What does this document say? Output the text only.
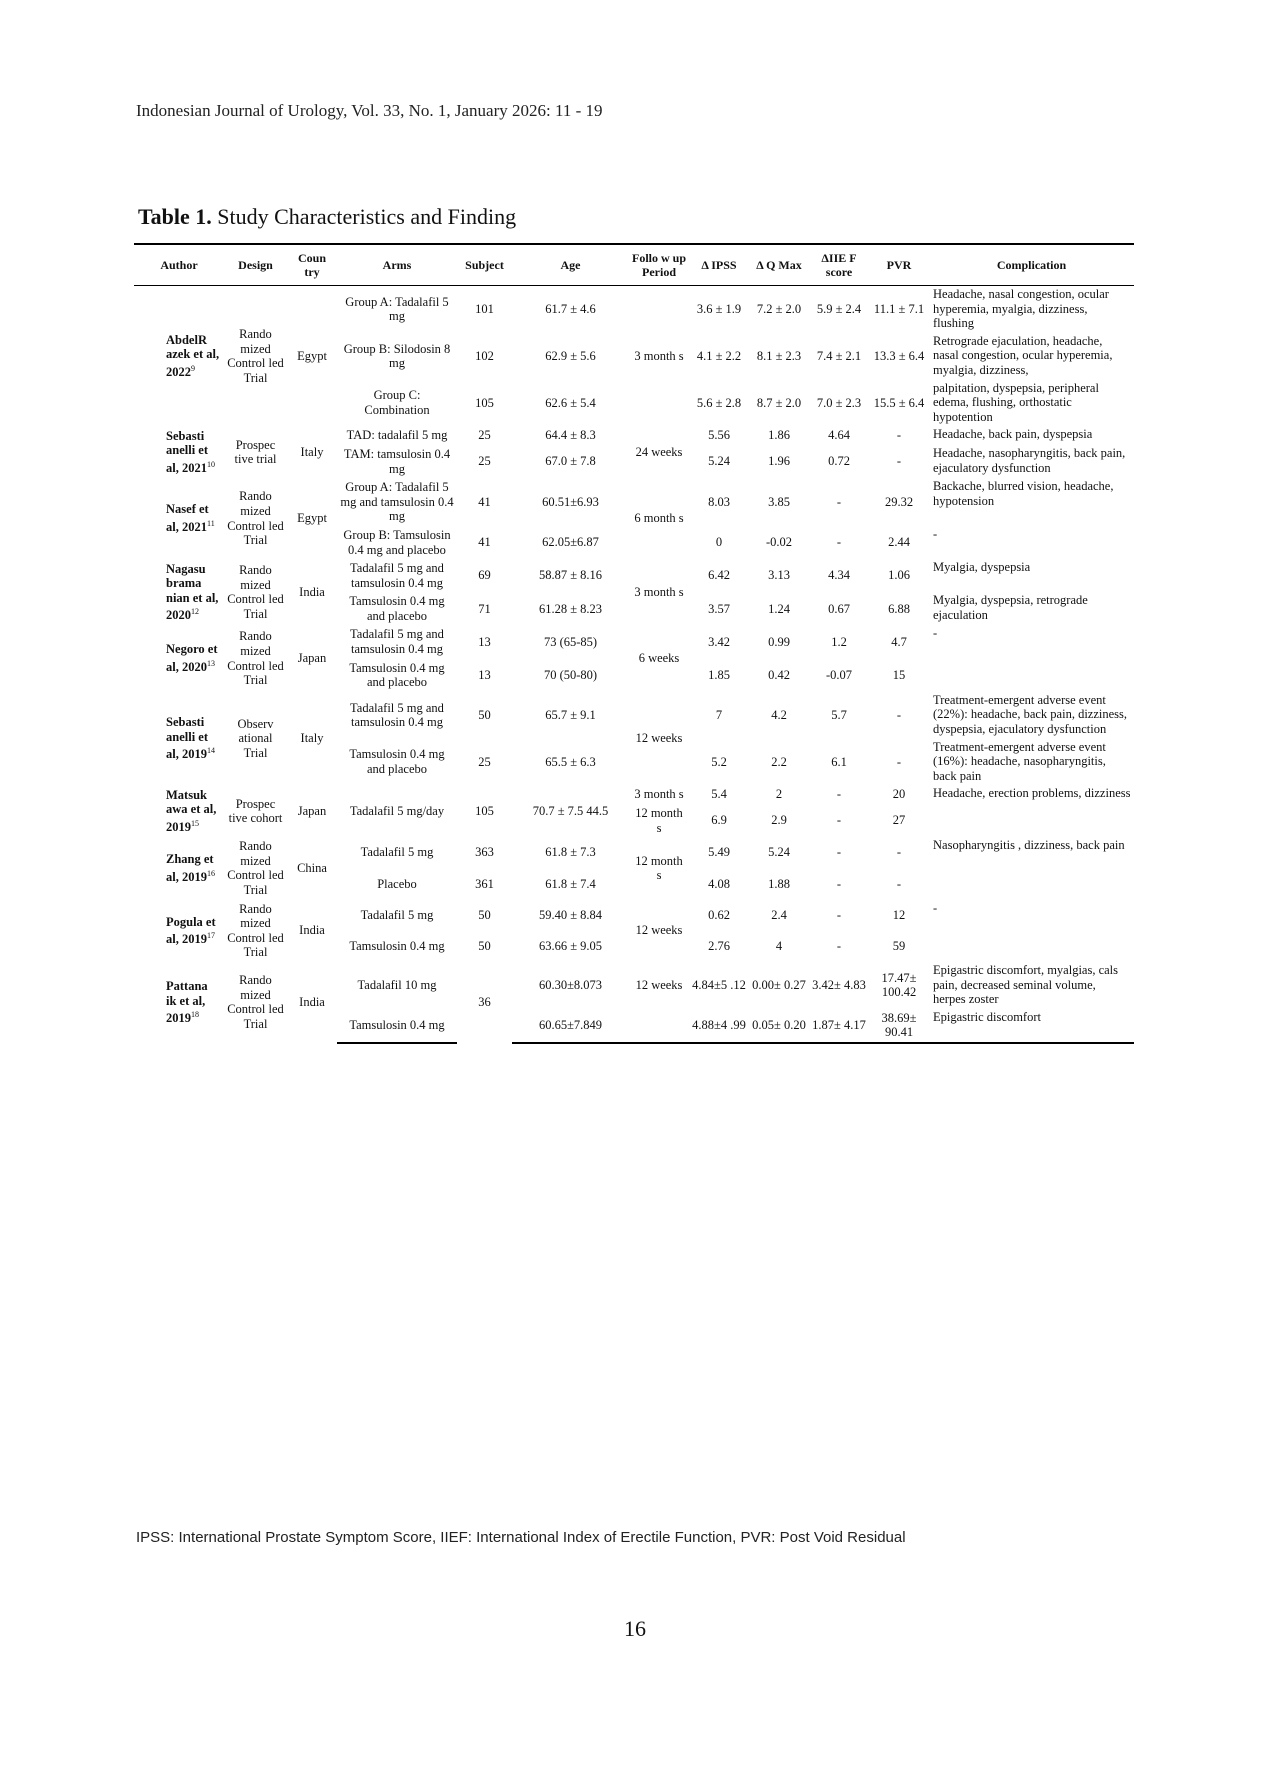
Indonesian Journal of Urology, Vol. 33, No. 1, January 2026: 11 - 19
Table 1. Study Characteristics and Finding
Author	Design	Coun try	Arms	Subject	Age	Follo w up Period	Δ IPSS	Δ Q Max	ΔIIE F score	PVR	Complication
AbdelR azek et al, 2022$^9$	Rando mized Control led Trial	Egypt	Group A: Tadalafil 5 mg	101	61.7 ± 4.6	3 month s	3.6 ± 1.9	7.2 ± 2.0	5.9 ± 2.4	11.1 ± 7.1	Headache, nasal congestion, ocular hyperemia, myalgia, dizziness, flushing
			Group B: Silodosin 8 mg	102	62.9 ± 5.6		4.1 ± 2.2	8.1 ± 2.3	7.4 ± 2.1	13.3 ± 6.4	Retrograde ejaculation, headache, nasal congestion, ocular hyperemia, myalgia, dizziness,
			Group C: Combination	105	62.6 ± 5.4		5.6 ± 2.8	8.7 ± 2.0	7.0 ± 2.3	15.5 ± 6.4	palpitation, dyspepsia, peripheral edema, flushing, orthostatic hypotention
Sebasti anelli et al, 2021$^{10}$	Prospec tive trial	Italy	TAD: tadalafil 5 mg	25	64.4 ± 8.3	24 weeks	5.56	1.86	4.64	-	Headache, back pain, dyspepsia
			TAM: tamsulosin 0.4 mg	25	67.0 ± 7.8		5.24	1.96	0.72	-	Headache, nasopharyngitis, back pain, ejaculatory dysfunction
Nasef et al, 2021$^{11}$	Rando mized Control led Trial	Egypt	Group A: Tadalafil 5 mg and tamsulosin 0.4 mg	41	60.51±6.93	6 month s	8.03	3.85	-	29.32	Backache, blurred vision, headache, hypotension
			Group B: Tamsulosin 0.4 mg and placebo	41	62.05±6.87		0	-0.02	-	2.44	-
Nagasu brama nian et al, 2020$^{12}$	Rando mized Control led Trial	India	Tadalafil 5 mg and tamsulosin 0.4 mg	69	58.87 ± 8.16	3 month s	6.42	3.13	4.34	1.06	Myalgia, dyspepsia
			Tamsulosin 0.4 mg and placebo	71	61.28 ± 8.23		3.57	1.24	0.67	6.88	Myalgia, dyspepsia, retrograde ejaculation
Negoro et al, 2020$^{13}$	Rando mized Control led Trial	Japan	Tadalafil 5 mg and tamsulosin 0.4 mg	13	73 (65-85)	6 weeks	3.42	0.99	1.2	4.7	-
			Tamsulosin 0.4 mg and placebo	13	70 (50-80)		1.85	0.42	-0.07	15	
Sebasti anelli et al, 2019$^{14}$	Observ ational Trial	Italy	Tadalafil 5 mg and tamsulosin 0.4 mg	50	65.7 ± 9.1	12 weeks	7	4.2	5.7	-	Treatment-emergent adverse event (22%): headache, back pain, dizziness, dyspepsia, ejaculatory dysfunction
			Tamsulosin 0.4 mg and placebo	25	65.5 ± 6.3		5.2	2.2	6.1	-	Treatment-emergent adverse event (16%): headache, nasopharyngitis, back pain
Matsuk awa et al, 2019$^{15}$	Prospec tive cohort	Japan	Tadalafil 5 mg/day	105	70.7 ± 7.5 44.5	3 month s	5.4	2	-	20	Headache, erection problems, dizziness
						12 month s	6.9	2.9	-	27	
Zhang et al, 2019$^{16}$	Rando mized Control led Trial	China	Tadalafil 5 mg	363	61.8 ± 7.3	12 month s	5.49	5.24	-	-	Nasopharyngitis , dizziness, back pain
			Placebo	361	61.8 ± 7.4		4.08	1.88	-	-	
Pogula et al, 2019$^{17}$	Rando mized Control led Trial	India	Tadalafil 5 mg	50	59.40 ± 8.84	12 weeks	0.62	2.4	-	12	-
			Tamsulosin 0.4 mg	50	63.66 ± 9.05		2.76	4	-	59	
Pattana ik et al, 2019$^{18}$	Rando mized Control led Trial	India	Tadalafil 10 mg	36	60.30±8.073	12 weeks	4.84±5 .12	0.00± 0.27	3.42± 4.83	17.47± 100.42	Epigastric discomfort, myalgias, cals pain, decreased seminal volume, herpes zoster
			Tamsulosin 0.4 mg		60.65±7.849		4.88±4 .99	0.05± 0.20	1.87± 4.17	38.69± 90.41	Epigastric discomfort
IPSS: International Prostate Symptom Score, IIEF: International Index of Erectile Function, PVR: Post Void Residual
16
